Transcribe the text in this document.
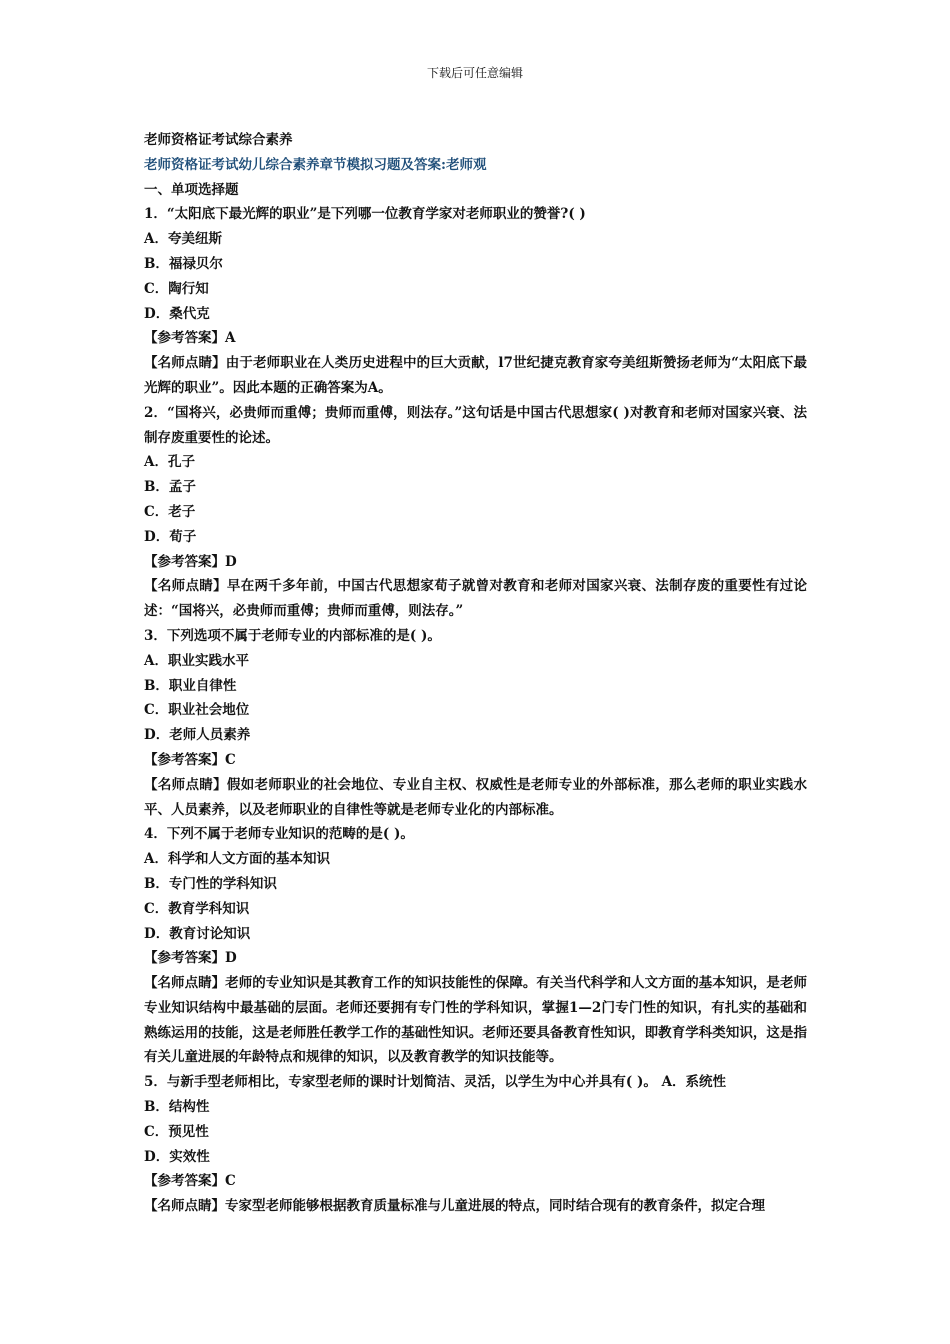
下载后可任意编辑

老师资格证考试综合素养

老师资格证考试幼儿综合素养章节模拟习题及答案:老师观

一、单项选择题

1．“太阳底下最光辉的职业”是下列哪一位教育学家对老师职业的赞誉?( )

A．夸美纽斯

B．福禄贝尔

C．陶行知

D．桑代克

【参考答案】A

【名师点睛】由于老师职业在人类历史进程中的巨大贡献，l7世纪捷克教育家夸美纽斯赞扬老师为“太阳底下最光辉的职业”。因此本题的正确答案为A。

2．“国将兴，必贵师而重傅；贵师而重傅，则法存。”这句话是中国古代思想家( )对教育和老师对国家兴衰、法制存废重要性的论述。

A．孔子

B．孟子

C．老子

D．荀子

【参考答案】D

【名师点睛】早在两千多年前，中国古代思想家荀子就曾对教育和老师对国家兴衰、法制存废的重要性有过论述：“国将兴，必贵师而重傅；贵师而重傅，则法存。”

3．下列选项不属于老师专业的内部标准的是( )。

A．职业实践水平

B．职业自律性

C．职业社会地位

D．老师人员素养

【参考答案】C

【名师点睛】假如老师职业的社会地位、专业自主权、权威性是老师专业的外部标准，那么老师的职业实践水平、人员素养，以及老师职业的自律性等就是老师专业化的内部标准。

4．下列不属于老师专业知识的范畴的是( )。

A．科学和人文方面的基本知识

B．专门性的学科知识

C．教育学科知识

D．教育讨论知识

【参考答案】D

【名师点睛】老师的专业知识是其教育工作的知识技能性的保障。有关当代科学和人文方面的基本知识，是老师专业知识结构中最基础的层面。老师还要拥有专门性的学科知识，掌握1—2门专门性的知识，有扎实的基础和熟练运用的技能，这是老师胜任教学工作的基础性知识。老师还要具备教育性知识，即教育学科类知识，这是指有关儿童进展的年龄特点和规律的知识，以及教育教学的知识技能等。

5．与新手型老师相比，专家型老师的课时计划简洁、灵活，以学生为中心并具有( )。 A．系统性

B．结构性

C．预见性

D．实效性

【参考答案】C

【名师点睛】专家型老师能够根据教育质量标准与儿童进展的特点，同时结合现有的教育条件，拟定合理
